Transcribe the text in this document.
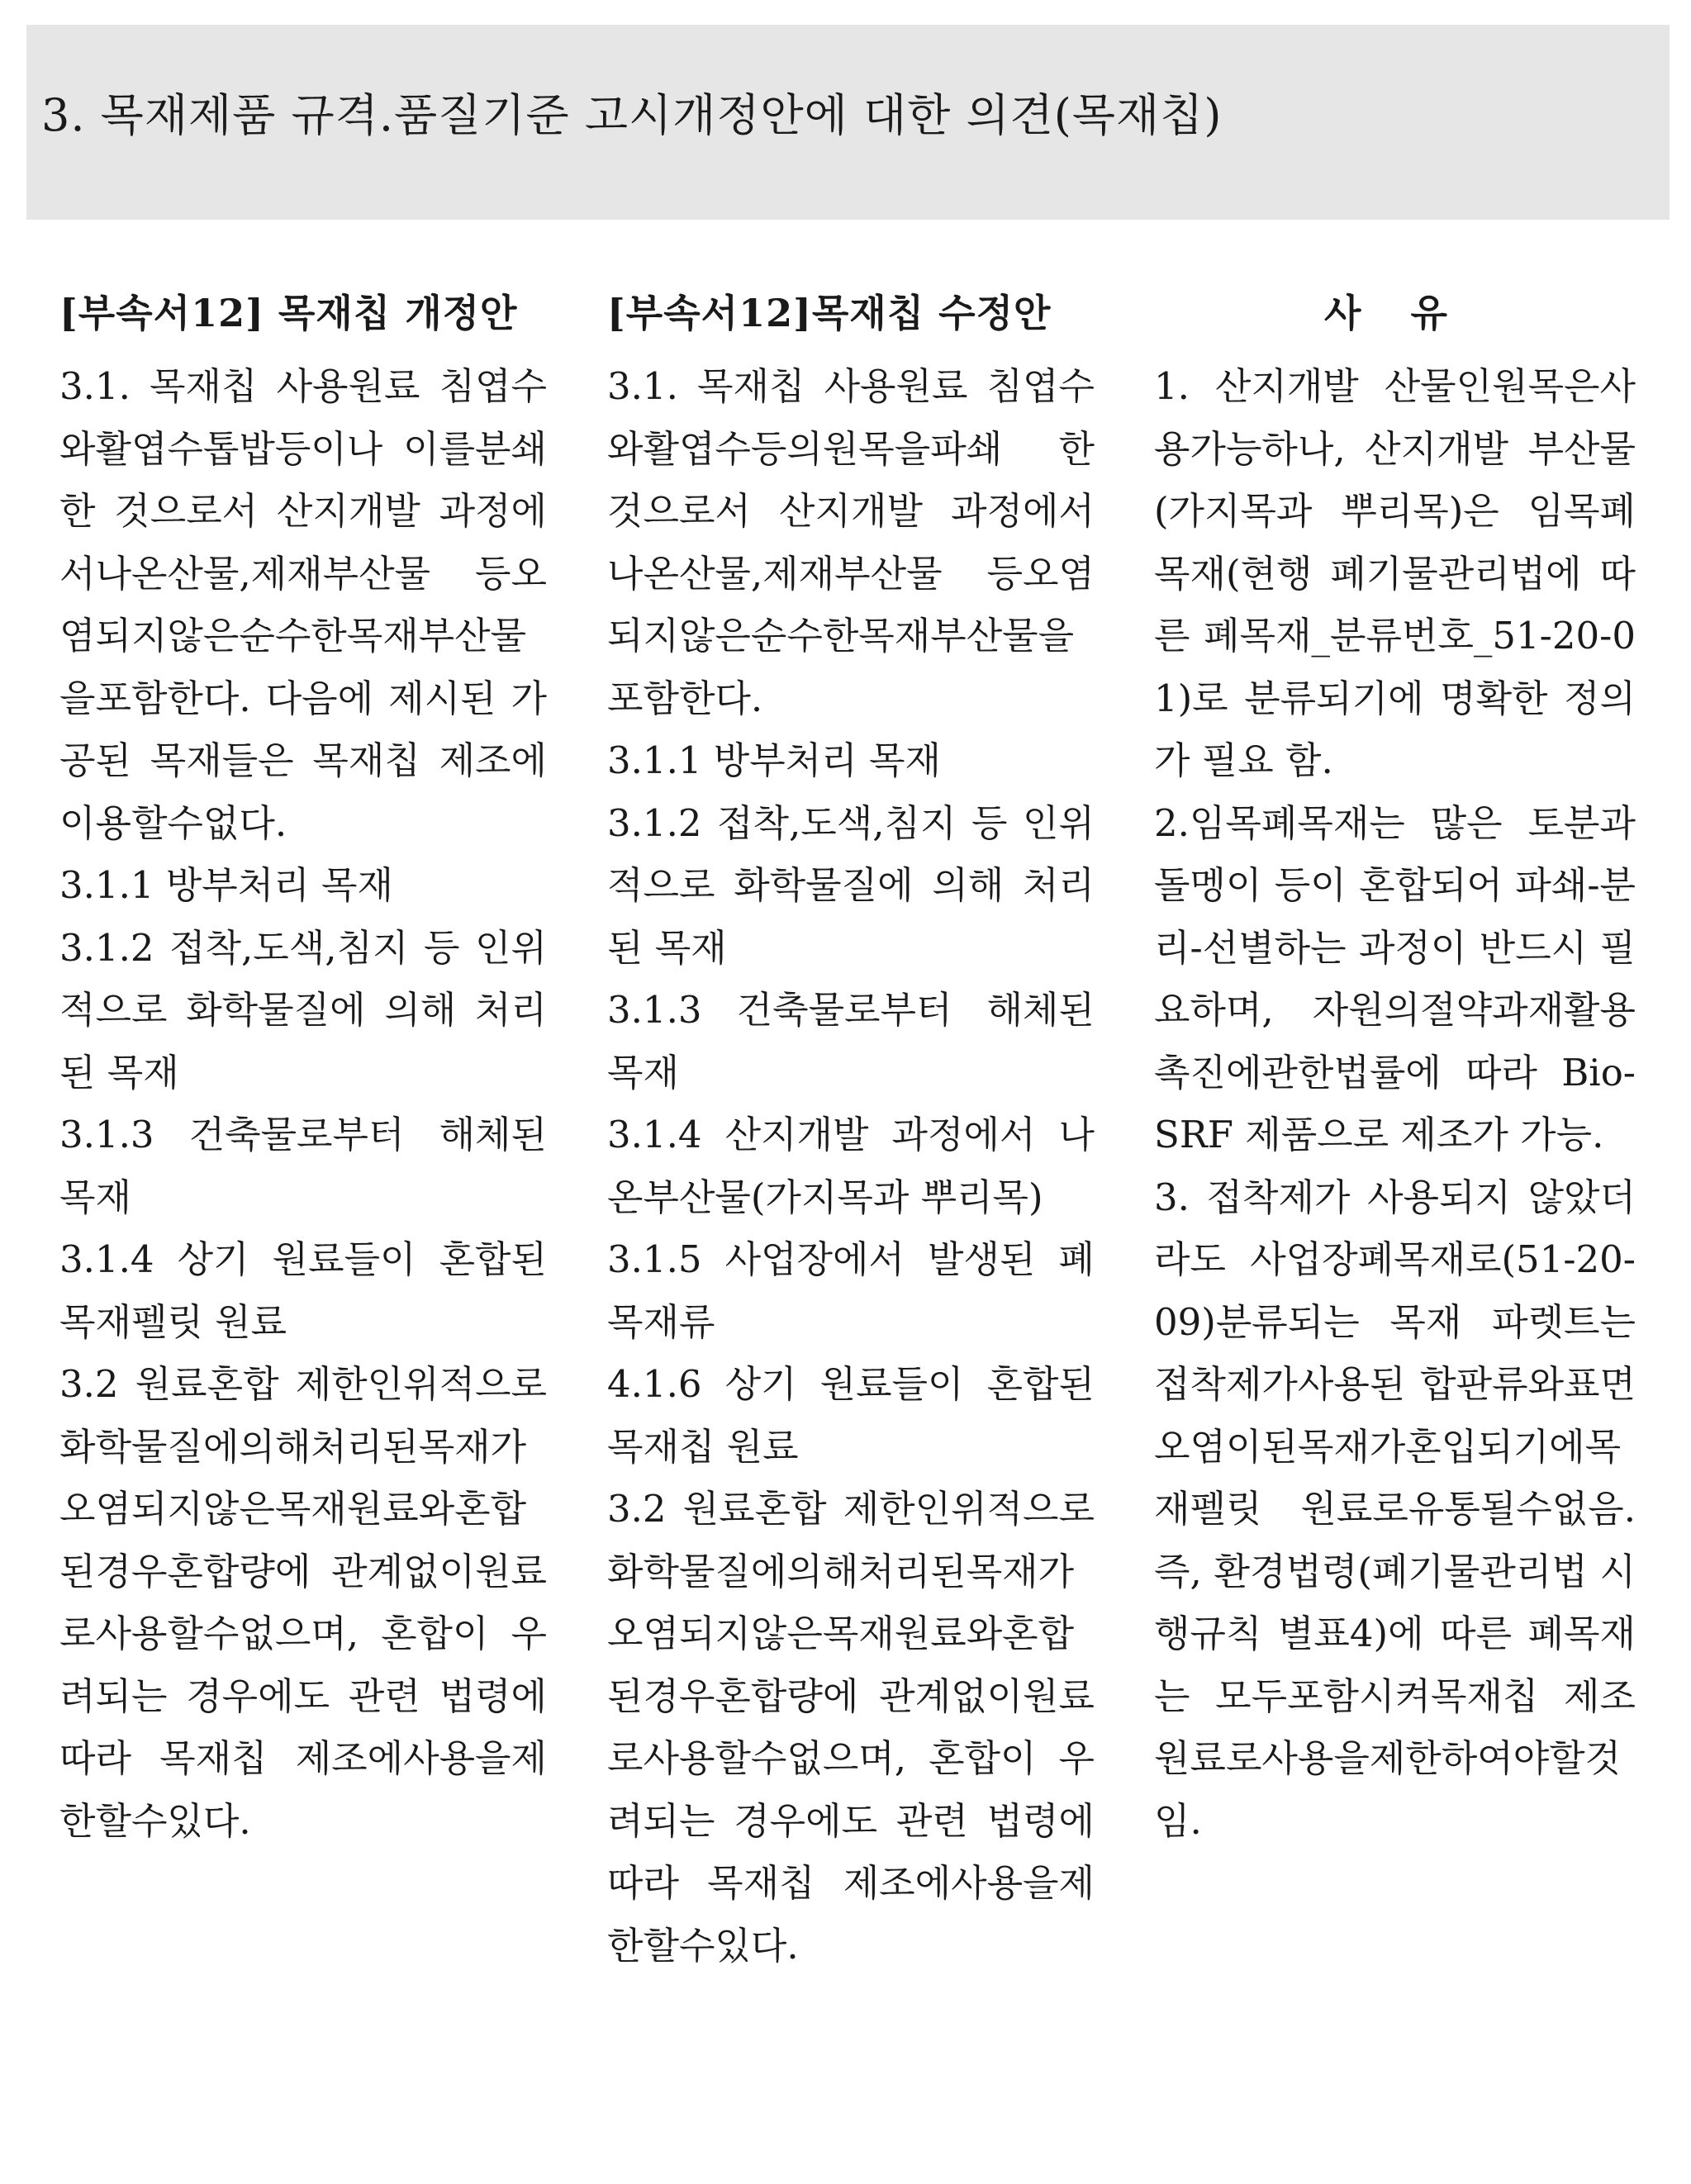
3. 목재제품 규격.품질기준 고시개정안에 대한 의견(목재칩)
[부속서12] 목재칩 개정안

3.1. 목재칩 사용원료 침엽수와활엽수톱밥등이나 이를분쇄한 것으로서 산지개발 과정에서나온산물,제재부산물 등오염되지않은순수한목재부산물을포함한다. 다음에 제시된 가공된 목재들은 목재칩 제조에이용할수없다.

3.1.1 방부처리 목재

3.1.2 접착,도색,침지 등 인위적으로 화학물질에 의해 처리된 목재

3.1.3 건축물로부터 해체된 목재

3.1.4 상기 원료들이 혼합된 목재펠릿 원료

3.2 원료혼합 제한인위적으로화학물질에의해처리된목재가오염되지않은목재원료와혼합된경우혼합량에 관계없이원료로사용할수없으며, 혼합이 우려되는 경우에도 관련 법령에 따라 목재칩 제조에사용을제한할수있다.

[부속서12]목재칩 수정안

3.1. 목재칩 사용원료 침엽수와활엽수등의원목을파쇄 한 것으로서 산지개발 과정에서나온산물,제재부산물 등오염되지않은순수한목재부산물을포함한다.

3.1.1 방부처리 목재

3.1.2 접착,도색,침지 등 인위적으로 화학물질에 의해 처리된 목재

3.1.3 건축물로부터 해체된 목재

3.1.4 산지개발 과정에서 나온부산물(가지목과 뿌리목)

3.1.5 사업장에서 발생된 폐목재류

4.1.6 상기 원료들이 혼합된 목재칩 원료

3.2 원료혼합 제한인위적으로화학물질에의해처리된목재가오염되지않은목재원료와혼합된경우혼합량에 관계없이원료로사용할수없으며, 혼합이 우려되는 경우에도 관련 법령에 따라 목재칩 제조에사용을제한할수있다.

사 유

1. 산지개발 산물인원목은사용가능하나, 산지개발 부산물(가지목과 뿌리목)은 임목폐목재(현행 폐기물관리법에 따른 폐목재_분류번호_51-20-01)로 분류되기에 명확한 정의가 필요 함.

2.임목폐목재는 많은 토분과 돌멩이 등이 혼합되어 파쇄-분리-선별하는 과정이 반드시 필요하며, 자원의절약과재활용촉진에관한법률에 따라 Bio-SRF 제품으로 제조가 가능.

3. 접착제가 사용되지 않았더라도 사업장폐목재로(51-20-09)분류되는 목재 파렛트는 접착제가사용된 합판류와표면오염이된목재가혼입되기에목재펠릿 원료로유통될수없음. 즉, 환경법령(폐기물관리법 시행규칙 별표4)에 따른 폐목재는 모두포함시켜목재칩 제조원료로사용을제한하여야할것임.
